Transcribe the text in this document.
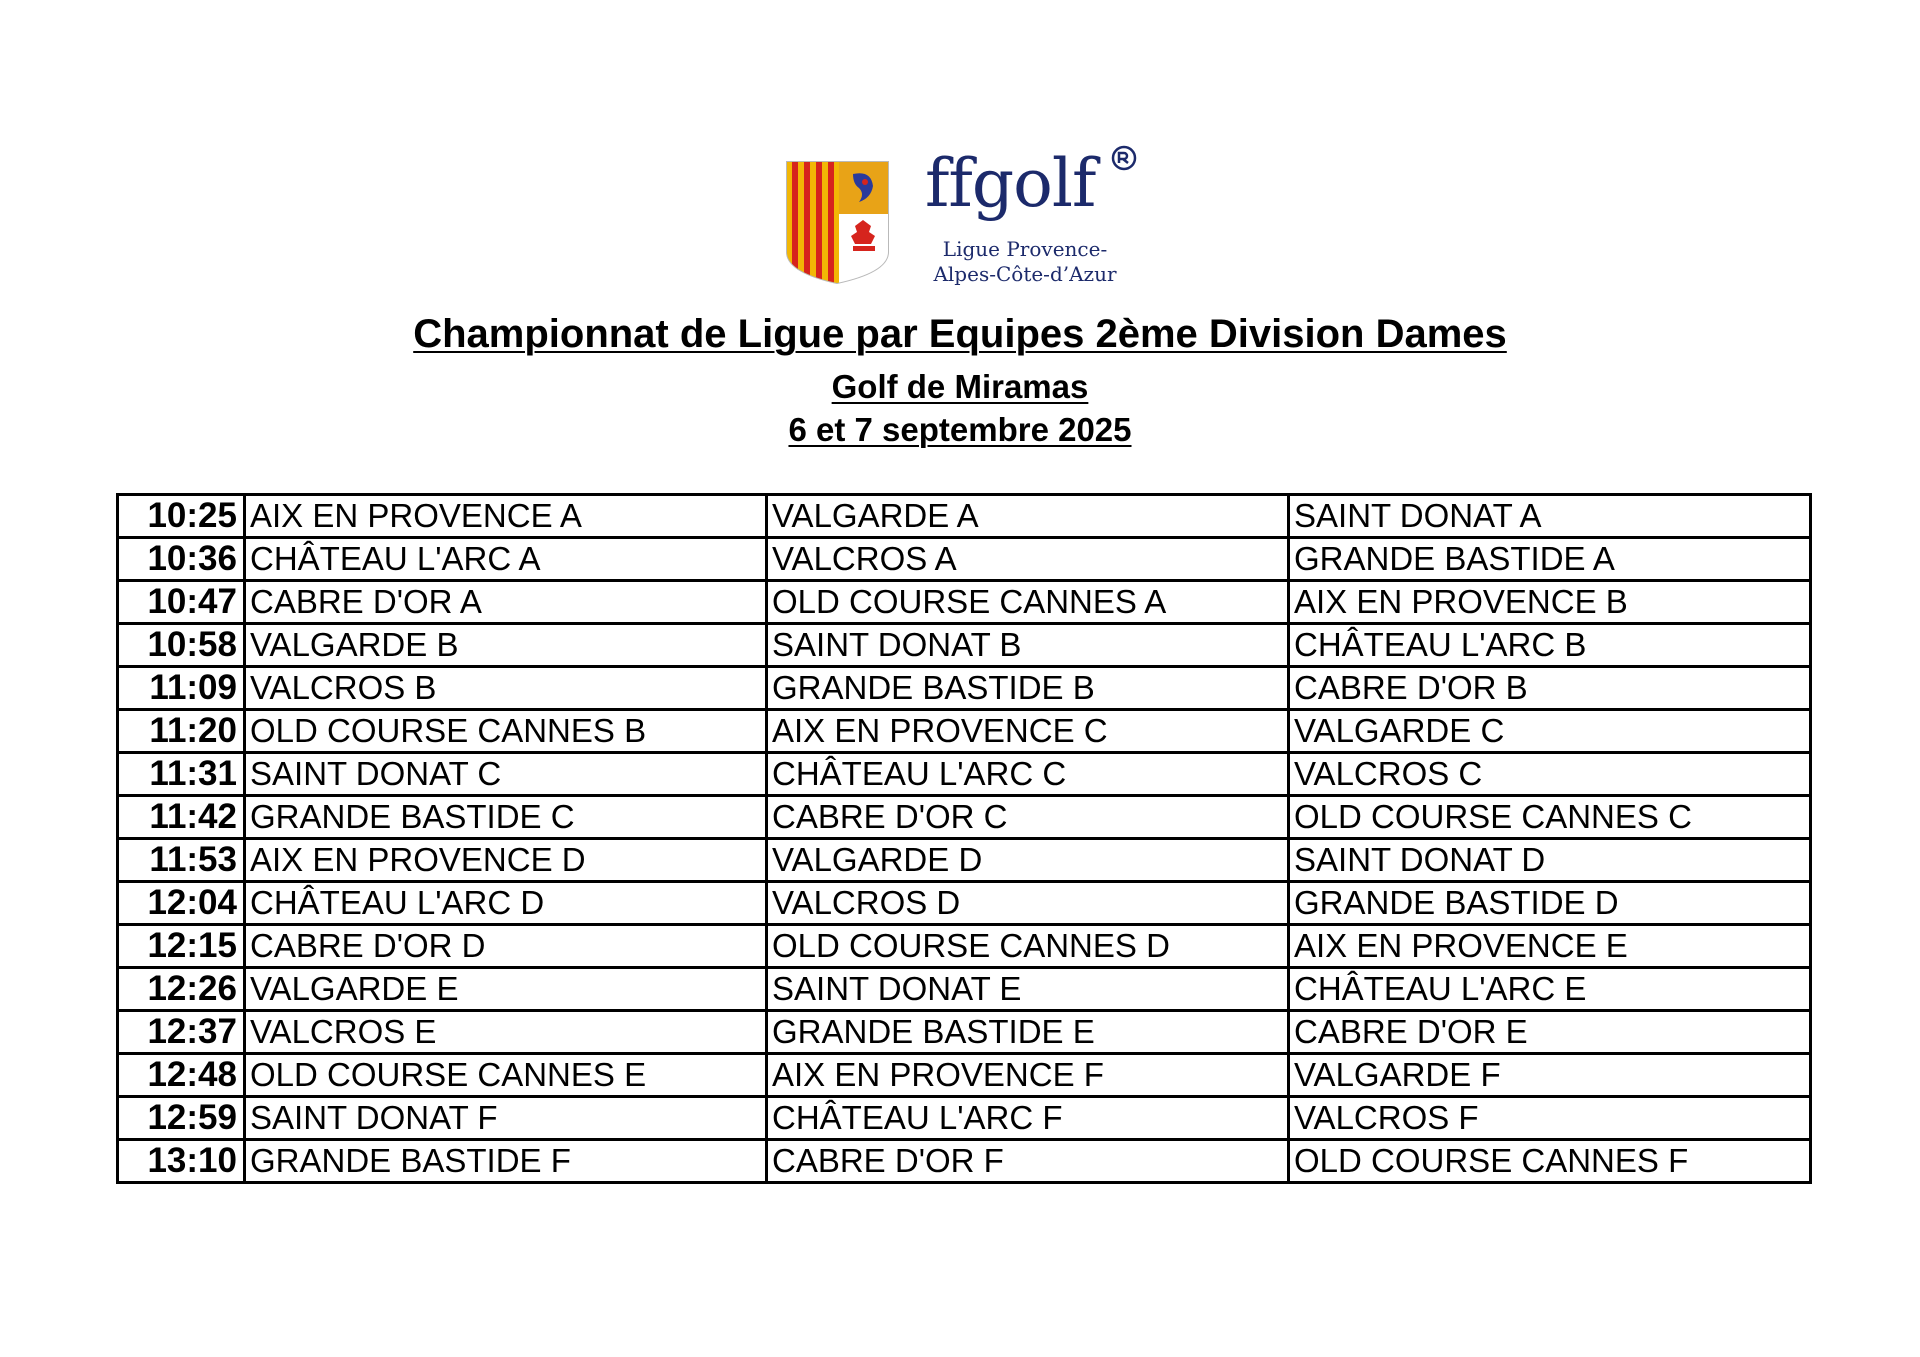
ffgolf
Ligue Provence-
Alpes-Côte-d’Azur
Championnat de Ligue par Equipes 2ème Division Dames
Golf de Miramas
6 et 7 septembre 2025
10:25	AIX EN PROVENCE A	VALGARDE A	SAINT DONAT A
10:36	CHÂTEAU L'ARC A	VALCROS A	GRANDE BASTIDE A
10:47	CABRE D'OR A	OLD COURSE CANNES A	AIX EN PROVENCE B
10:58	VALGARDE B	SAINT DONAT B	CHÂTEAU L'ARC B
11:09	VALCROS B	GRANDE BASTIDE B	CABRE D'OR B
11:20	OLD COURSE CANNES B	AIX EN PROVENCE C	VALGARDE C
11:31	SAINT DONAT C	CHÂTEAU L'ARC C	VALCROS C
11:42	GRANDE BASTIDE C	CABRE D'OR C	OLD COURSE CANNES C
11:53	AIX EN PROVENCE D	VALGARDE D	SAINT DONAT D
12:04	CHÂTEAU L'ARC D	VALCROS D	GRANDE BASTIDE D
12:15	CABRE D'OR D	OLD COURSE CANNES D	AIX EN PROVENCE E
12:26	VALGARDE E	SAINT DONAT E	CHÂTEAU L'ARC E
12:37	VALCROS E	GRANDE BASTIDE E	CABRE D'OR E
12:48	OLD COURSE CANNES E	AIX EN PROVENCE F	VALGARDE F
12:59	SAINT DONAT F	CHÂTEAU L'ARC F	VALCROS F
13:10	GRANDE BASTIDE F	CABRE D'OR F	OLD COURSE CANNES F
